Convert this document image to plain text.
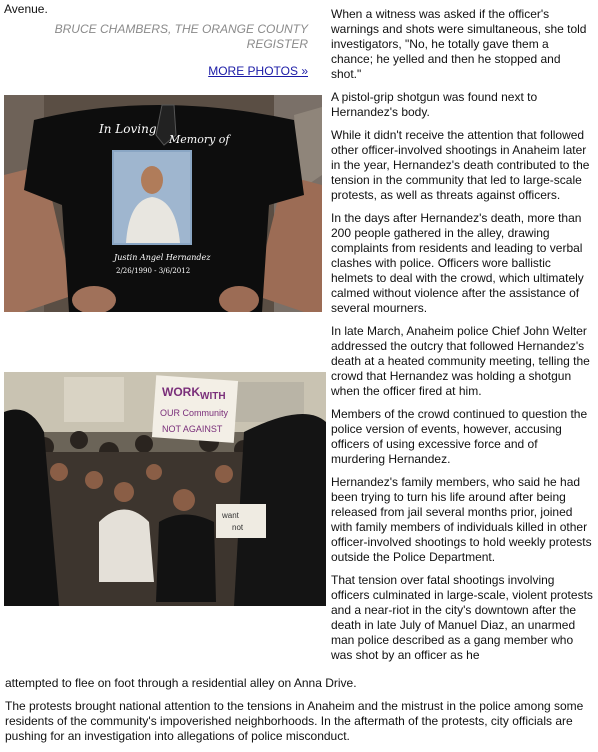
Avenue.
BRUCE CHAMBERS, THE ORANGE COUNTY
REGISTER
MORE PHOTOS »
In Loving
Memory of
Justin Angel Hernandez
2/26/1990 - 3/6/2012
WORK WITH
OUR Community
NOT AGAINST
want
not

When a witness was asked if the officer's warnings and shots were simultaneous, she told investigators, "No, he totally gave them a chance; he yelled and then he stopped and shot."

A pistol-grip shotgun was found next to Hernandez's body.

While it didn't receive the attention that followed other officer-involved shootings in Anaheim later in the year, Hernandez's death contributed to the tension in the community that led to large-scale protests, as well as threats against officers.

In the days after Hernandez's death, more than 200 people gathered in the alley, drawing complaints from residents and leading to verbal clashes with police. Officers wore ballistic helmets to deal with the crowd, which ultimately calmed without violence after the assistance of several mourners.

In late March, Anaheim police Chief John Welter addressed the outcry that followed Hernandez's death at a heated community meeting, telling the crowd that Hernandez was holding a shotgun when the officer fired at him.

Members of the crowd continued to question the police version of events, however, accusing officers of using excessive force and of murdering Hernandez.

Hernandez's family members, who said he had been trying to turn his life around after being released from jail several months prior, joined with family members of individuals killed in other officer-involved shootings to hold weekly protests outside the Police Department.

That tension over fatal shootings involving officers culminated in large-scale, violent protests and a near-riot in the city's downtown after the death in late July of Manuel Diaz, an unarmed man police described as a gang member who was shot by an officer as he

attempted to flee on foot through a residential alley on Anna Drive.

The protests brought national attention to the tensions in Anaheim and the mistrust in the police among some residents of the community's impoverished neighborhoods. In the aftermath of the protests, city officials are pushing for an investigation into allegations of police misconduct.
